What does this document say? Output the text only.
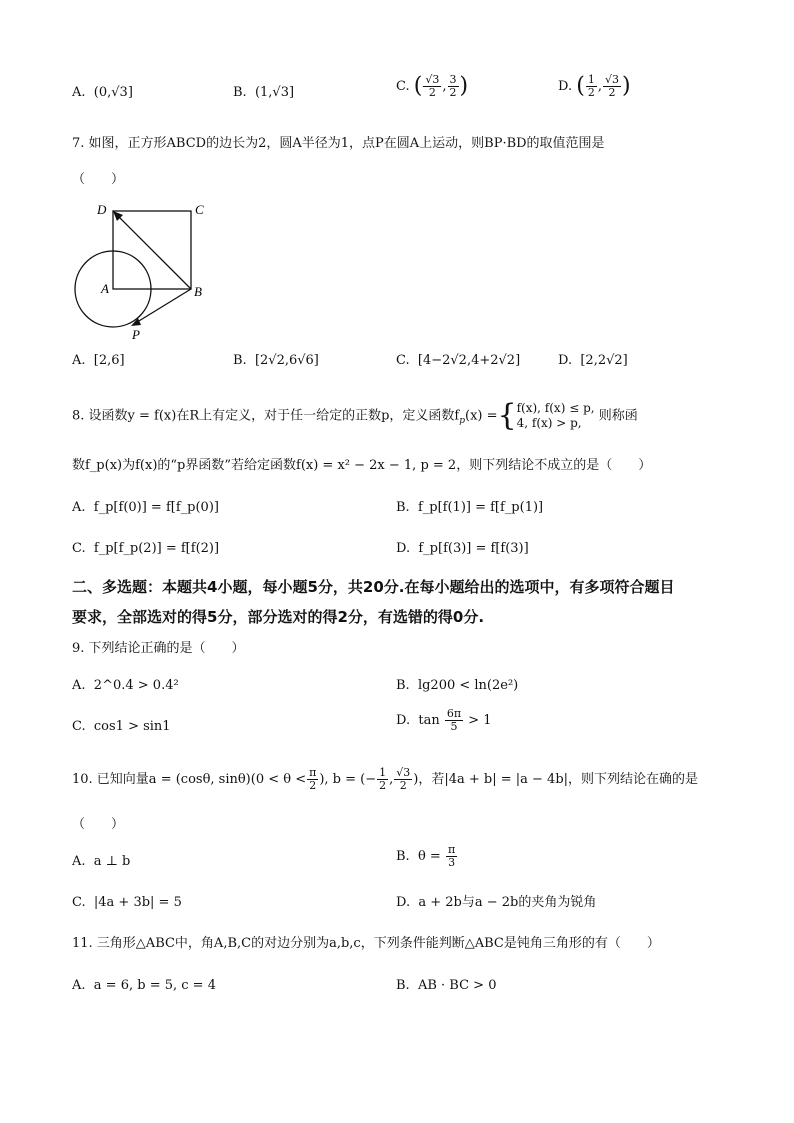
A. (0,√3]	B. (1,√3]	C. ( $\frac{√3}{2}$ , $\frac{3}{2}$ )	D. ( $\frac{1}{2}$ , $\frac{√3}{2}$ )
7. 如图，正方形ABCD的边长为2，圆A半径为1，点P在圆A上运动，则BP·BD的取值范围是
（　　）
D	C
A	B
P
A. [2,6]	B. [2√2,6√6]	C. [4−2√2,4+2√2]	D. [2,2√2]
8. 设函数y = f(x)在R上有定义，对于任一给定的正数p，定义函数$f_p(x)$ ={ f(x), f(x) ≤ p,
4, f(x) > p,	则称函
数f_p(x)为f(x)的“p界函数”若给定函数f(x) = x² − 2x − 1, p = 2，则下列结论不成立的是（　　）
A. f_p[f(0)] = f[f_p(0)]	B. f_p[f(1)] = f[f_p(1)]
C. f_p[f_p(2)] = f[f(2)]	D. f_p[f(3)] = f[f(3)]
二、多选题：本题共4小题，每小题5分，共20分.在每小题给出的选项中，有多项符合题目
要求，全部选对的得5分，部分选对的得2分，有选错的得0分.
9. 下列结论正确的是（　　）
A. 2^0.4 > 0.4²	B. lg200 < ln(2e²)
C. cos1 > sin1	D. $\tan \frac{6\pi}{5} > 1$
10. 已知向量a = (cosθ, $\sin\theta)(0 < \theta < \frac{\pi}{2}$ ), b = (− $\frac{1}{2}$ , $\frac{√3}{2}$ )，若|4a + b| = |a − 4b|，则下列结论在确的是
（　　）
A. a ⊥ b	B. $\theta = \frac{\pi}{3}$
C. |4a + 3b| = 5	D. a + 2b与a − 2b的夹角为锐角
11. 三角形△ABC中，角A,B,C的对边分别为a,b,c，下列条件能判断△ABC是钝角三角形的有（　　）
A. a = 6, b = 5, c = 4	B. AB · BC > 0
